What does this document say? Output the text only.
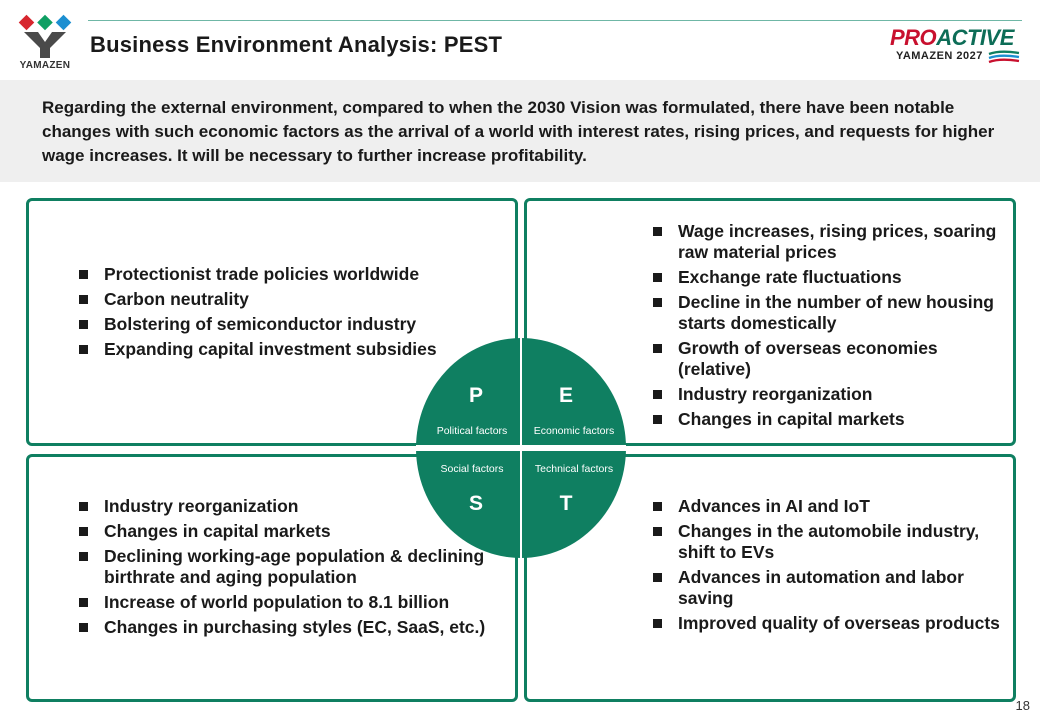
YAMAZEN
Business Environment Analysis: PEST	PROACTIVE
YAMAZEN 2027
Regarding the external environment, compared to when the 2030 Vision was formulated, there have been notable changes with such economic factors as the arrival of a world with interest rates, rising prices, and requests for higher wage increases. It will be necessary to further increase profitability.
Protectionist trade policies worldwide
Carbon neutrality
Bolstering of semiconductor industry
Expanding capital investment subsidies
Wage increases, rising prices, soaring raw material prices
Exchange rate fluctuations
Decline in the number of new housing starts domestically
Growth of overseas economies (relative)
Industry reorganization
Changes in capital markets
Industry reorganization
Changes in capital markets
Declining working-age population & declining birthrate and aging population
Increase of world population to 8.1 billion
Changes in purchasing styles (EC, SaaS, etc.)
Advances in AI and IoT
Changes in the automobile industry, shift to EVs
Advances in automation and labor saving
Improved quality of overseas products
P	E
S	T
Political factors	Economic factors
Social factors	Technical factors
18
